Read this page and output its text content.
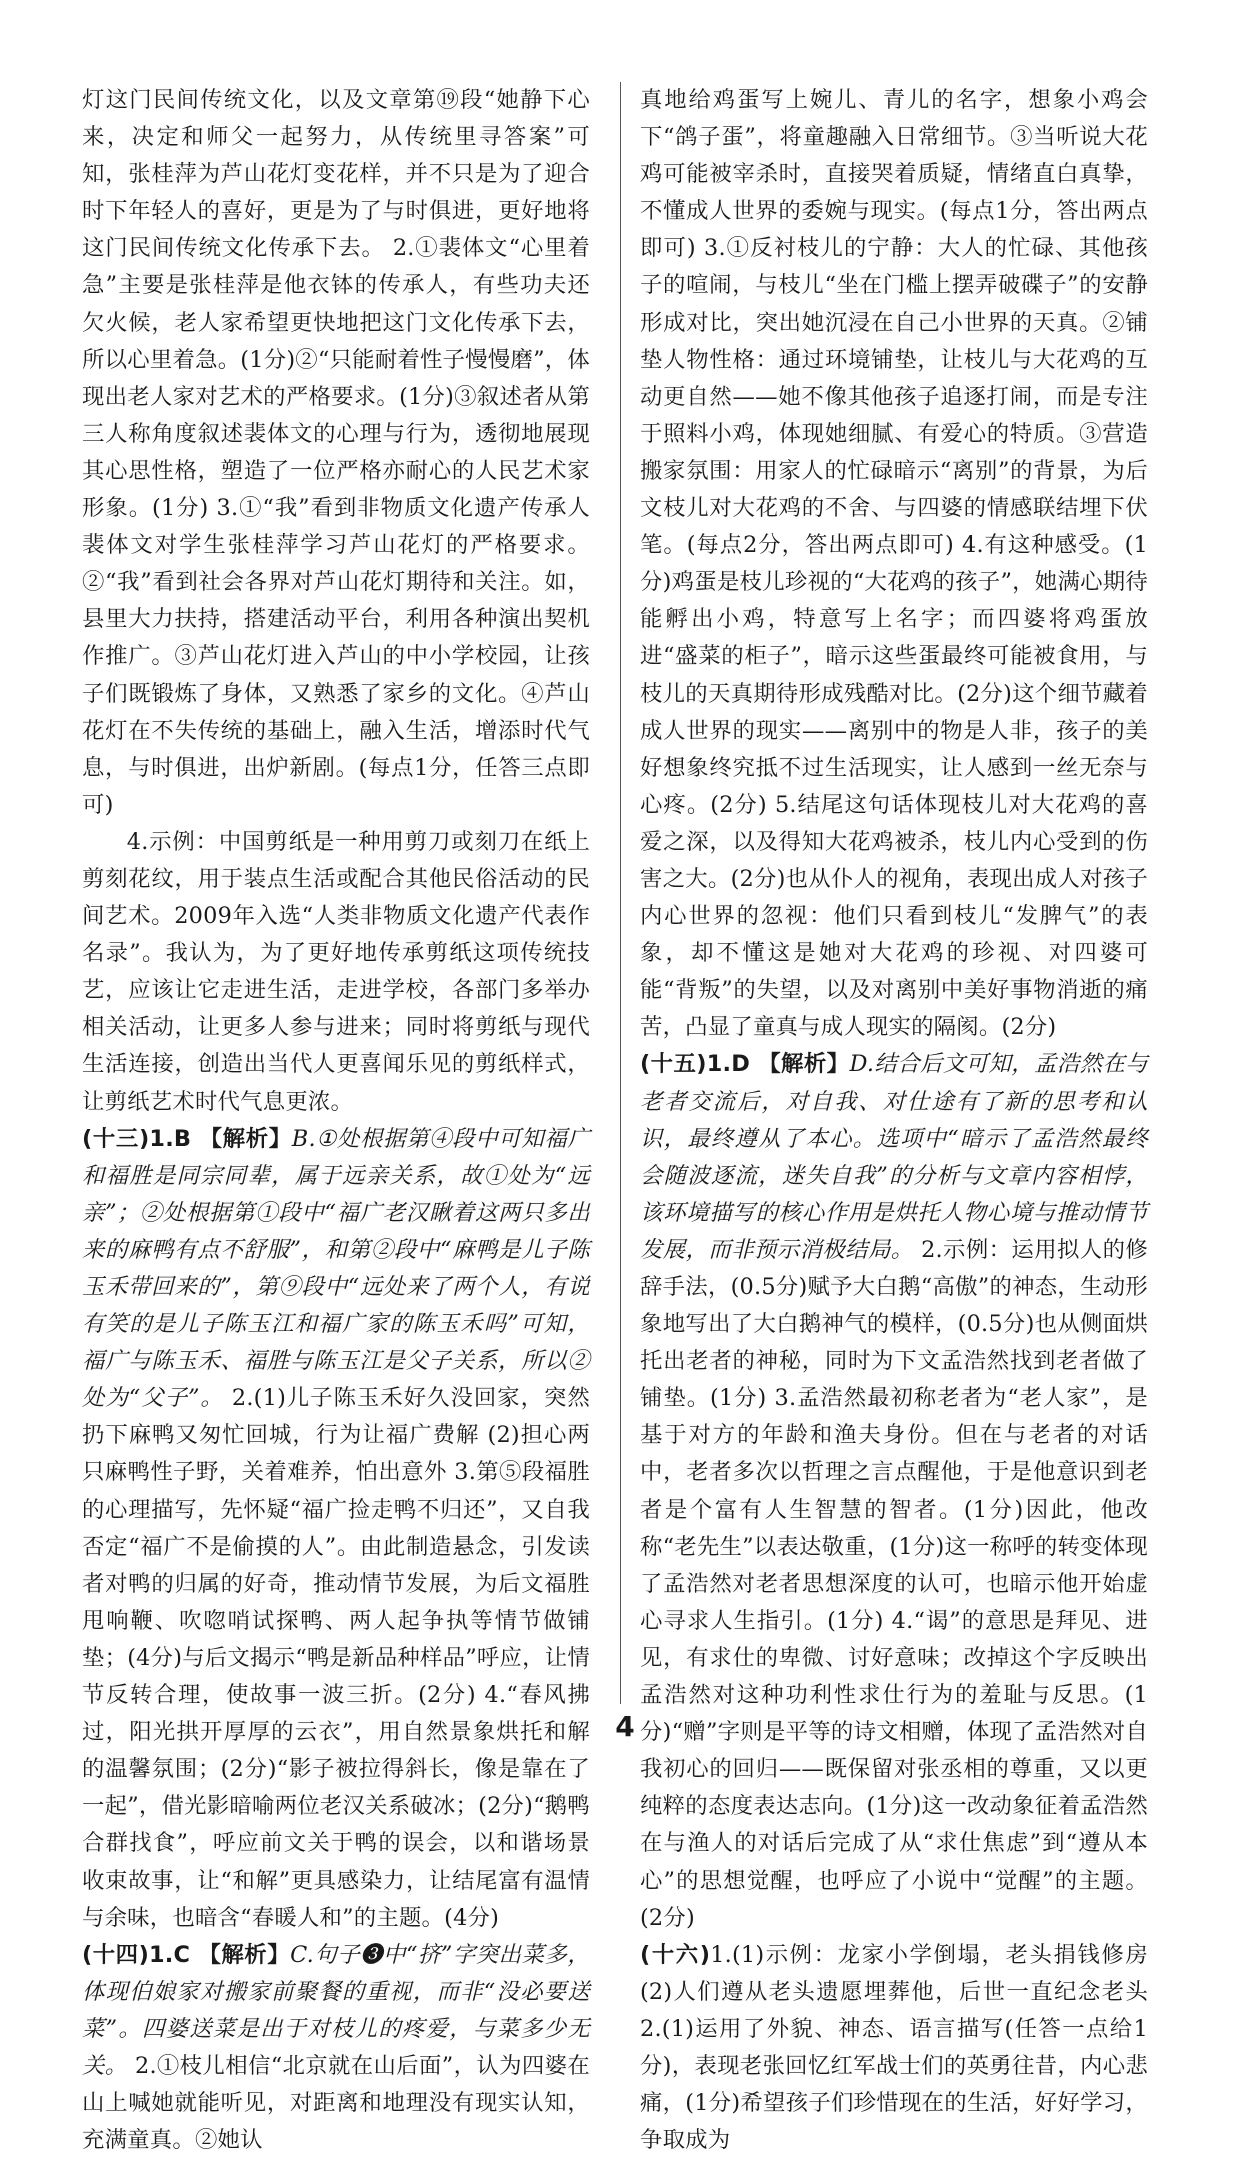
灯这门民间传统文化，以及文章第⑲段“她静下心来，决定和师父一起努力，从传统里寻答案”可知，张桂萍为芦山花灯变花样，并不只是为了迎合时下年轻人的喜好，更是为了与时俱进，更好地将这门民间传统文化传承下去。 2.①裴体文“心里着急”主要是张桂萍是他衣钵的传承人，有些功夫还欠火候，老人家希望更快地把这门文化传承下去，所以心里着急。(1分)②“只能耐着性子慢慢磨”，体现出老人家对艺术的严格要求。(1分)③叙述者从第三人称角度叙述裴体文的心理与行为，透彻地展现其心思性格，塑造了一位严格亦耐心的人民艺术家形象。(1分) 3.①“我”看到非物质文化遗产传承人裴体文对学生张桂萍学习芦山花灯的严格要求。②“我”看到社会各界对芦山花灯期待和关注。如，县里大力扶持，搭建活动平台，利用各种演出契机作推广。③芦山花灯进入芦山的中小学校园，让孩子们既锻炼了身体，又熟悉了家乡的文化。④芦山花灯在不失传统的基础上，融入生活，增添时代气息，与时俱进，出炉新剧。(每点1分，任答三点即可)

4.示例：中国剪纸是一种用剪刀或刻刀在纸上剪刻花纹，用于装点生活或配合其他民俗活动的民间艺术。2009年入选“人类非物质文化遗产代表作名录”。我认为，为了更好地传承剪纸这项传统技艺，应该让它走进生活，走进学校，各部门多举办相关活动，让更多人参与进来；同时将剪纸与现代生活连接，创造出当代人更喜闻乐见的剪纸样式，让剪纸艺术时代气息更浓。

(十三)1.B 【解析】B.①处根据第④段中可知福广和福胜是同宗同辈，属于远亲关系，故①处为“远亲”；②处根据第①段中“福广老汉瞅着这两只多出来的麻鸭有点不舒服”，和第②段中“麻鸭是儿子陈玉禾带回来的”，第⑨段中“远处来了两个人，有说有笑的是儿子陈玉江和福广家的陈玉禾吗”可知，福广与陈玉禾、福胜与陈玉江是父子关系，所以②处为“父子”。 2.(1)儿子陈玉禾好久没回家，突然扔下麻鸭又匆忙回城，行为让福广费解 (2)担心两只麻鸭性子野，关着难养，怕出意外 3.第⑤段福胜的心理描写，先怀疑“福广捡走鸭不归还”，又自我否定“福广不是偷摸的人”。由此制造悬念，引发读者对鸭的归属的好奇，推动情节发展，为后文福胜甩响鞭、吹唿哨试探鸭、两人起争执等情节做铺垫；(4分)与后文揭示“鸭是新品种样品”呼应，让情节反转合理，使故事一波三折。(2分) 4.“春风拂过，阳光拱开厚厚的云衣”，用自然景象烘托和解的温馨氛围；(2分)“影子被拉得斜长，像是靠在了一起”，借光影暗喻两位老汉关系破冰；(2分)“鹅鸭合群找食”，呼应前文关于鸭的误会，以和谐场景收束故事，让“和解”更具感染力，让结尾富有温情与余味，也暗含“春暖人和”的主题。(4分)

(十四)1.C 【解析】C.句子❸中“挤”字突出菜多，体现伯娘家对搬家前聚餐的重视，而非“没必要送菜”。四婆送菜是出于对枝儿的疼爱，与菜多少无关。 2.①枝儿相信“北京就在山后面”，认为四婆在山上喊她就能听见，对距离和地理没有现实认知，充满童真。②她认

真地给鸡蛋写上婉儿、青儿的名字，想象小鸡会下“鸽子蛋”，将童趣融入日常细节。③当听说大花鸡可能被宰杀时，直接哭着质疑，情绪直白真挚，不懂成人世界的委婉与现实。(每点1分，答出两点即可) 3.①反衬枝儿的宁静：大人的忙碌、其他孩子的喧闹，与枝儿“坐在门槛上摆弄破碟子”的安静形成对比，突出她沉浸在自己小世界的天真。②铺垫人物性格：通过环境铺垫，让枝儿与大花鸡的互动更自然——她不像其他孩子追逐打闹，而是专注于照料小鸡，体现她细腻、有爱心的特质。③营造搬家氛围：用家人的忙碌暗示“离别”的背景，为后文枝儿对大花鸡的不舍、与四婆的情感联结埋下伏笔。(每点2分，答出两点即可) 4.有这种感受。(1分)鸡蛋是枝儿珍视的“大花鸡的孩子”，她满心期待能孵出小鸡，特意写上名字；而四婆将鸡蛋放进“盛菜的柜子”，暗示这些蛋最终可能被食用，与枝儿的天真期待形成残酷对比。(2分)这个细节藏着成人世界的现实——离别中的物是人非，孩子的美好想象终究抵不过生活现实，让人感到一丝无奈与心疼。(2分) 5.结尾这句话体现枝儿对大花鸡的喜爱之深，以及得知大花鸡被杀，枝儿内心受到的伤害之大。(2分)也从仆人的视角，表现出成人对孩子内心世界的忽视：他们只看到枝儿“发脾气”的表象，却不懂这是她对大花鸡的珍视、对四婆可能“背叛”的失望，以及对离别中美好事物消逝的痛苦，凸显了童真与成人现实的隔阂。(2分)

(十五)1.D 【解析】D.结合后文可知，孟浩然在与老者交流后，对自我、对仕途有了新的思考和认识，最终遵从了本心。选项中“暗示了孟浩然最终会随波逐流，迷失自我”的分析与文章内容相悖，该环境描写的核心作用是烘托人物心境与推动情节发展，而非预示消极结局。 2.示例：运用拟人的修辞手法，(0.5分)赋予大白鹅“高傲”的神态，生动形象地写出了大白鹅神气的模样，(0.5分)也从侧面烘托出老者的神秘，同时为下文孟浩然找到老者做了铺垫。(1分) 3.孟浩然最初称老者为“老人家”，是基于对方的年龄和渔夫身份。但在与老者的对话中，老者多次以哲理之言点醒他，于是他意识到老者是个富有人生智慧的智者。(1分)因此，他改称“老先生”以表达敬重，(1分)这一称呼的转变体现了孟浩然对老者思想深度的认可，也暗示他开始虚心寻求人生指引。(1分) 4.“谒”的意思是拜见、进见，有求仕的卑微、讨好意味；改掉这个字反映出孟浩然对这种功利性求仕行为的羞耻与反思。(1分)“赠”字则是平等的诗文相赠，体现了孟浩然对自我初心的回归——既保留对张丞相的尊重，又以更纯粹的态度表达志向。(1分)这一改动象征着孟浩然在与渔人的对话后完成了从“求仕焦虑”到“遵从本心”的思想觉醒，也呼应了小说中“觉醒”的主题。(2分)

(十六)1.(1)示例：龙家小学倒塌，老头捐钱修房 (2)人们遵从老头遗愿埋葬他，后世一直纪念老头 2.(1)运用了外貌、神态、语言描写(任答一点给1分)，表现老张回忆红军战士们的英勇往昔，内心悲痛，(1分)希望孩子们珍惜现在的生活，好好学习，争取成为

4
